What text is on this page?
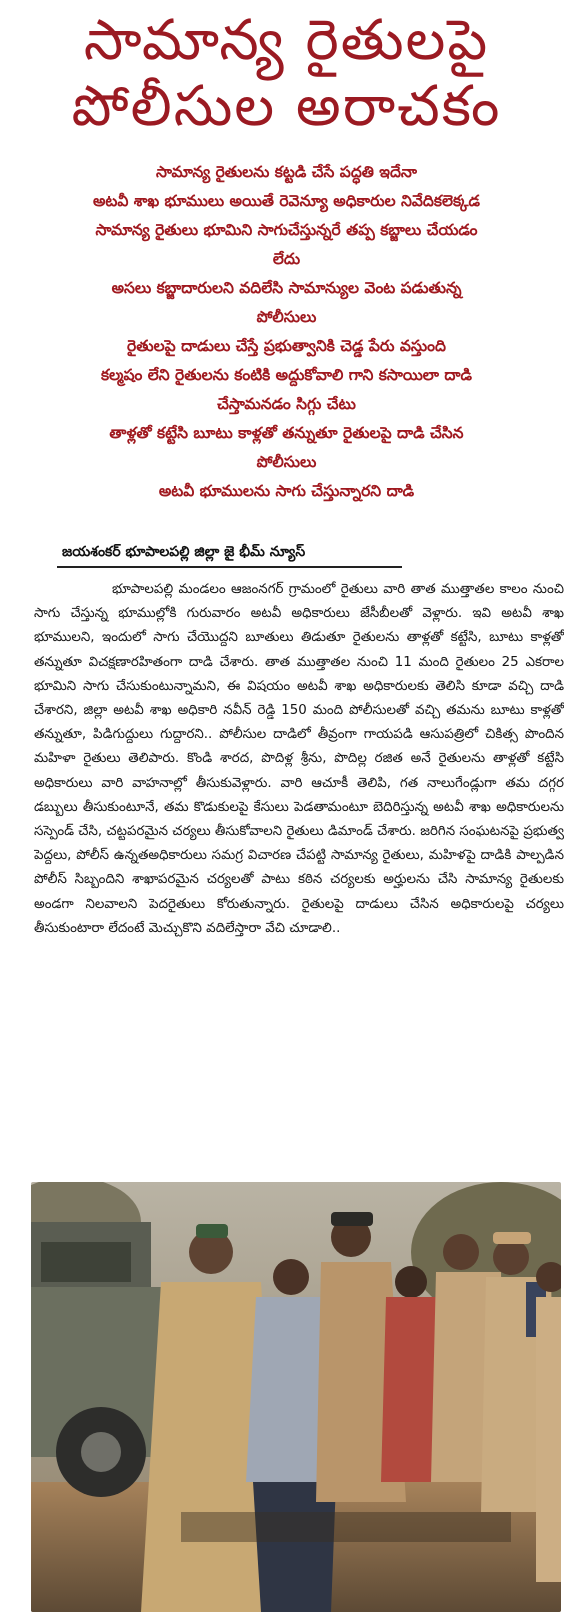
సామాన్య రైతులపై
పోలీసుల అరాచకం
సామాన్య రైతులను కట్టడి చేసే పద్ధతి ఇదేనా
అటవీ శాఖ భూములు అయితే రెవెన్యూ అధికారుల నివేదికలెక్కడ
సామాన్య రైతులు భూమిని సాగుచేస్తున్నరే తప్ప కబ్జాలు చేయడం
లేదు
అసలు కబ్జాదారులని వదిలేసి సామాన్యుల వెంట పడుతున్న
పోలీసులు
రైతులపై దాడులు చేస్తే ప్రభుత్వానికి చెడ్డ పేరు వస్తుంది
కల్మషం లేని రైతులను కంటికి అద్దుకోవాలి గాని కసాయిలా దాడి
చేస్తామనడం సిగ్గు చేటు
తాళ్లతో కట్టేసి బూటు కాళ్లతో తన్నుతూ రైతులపై దాడి చేసిన
పోలీసులు
అటవీ భూములను సాగు చేస్తున్నారని దాడి
జయశంకర్ భూపాలపల్లి జిల్లా జై భీమ్ న్యూస్

భూపాలపల్లి మండలం ఆజంనగర్ గ్రామంలో రైతులు వారి తాత ముత్తాతల కాలం నుంచి సాగు చేస్తున్న భూముల్లోకి గురువారం అటవీ అధికారులు జేసీబీలతో వెళ్లారు. ఇవి అటవీ శాఖ భూములని, ఇందులో సాగు చేయొద్దని బూతులు తిడుతూ రైతులను తాళ్లతో కట్టేసి, బూటు కాళ్లతో తన్నుతూ విచక్షణారహితంగా దాడి చేశారు. తాత ముత్తాతల నుంచి 11 మంది రైతులం 25 ఎకరాల భూమిని సాగు చేసుకుంటున్నామని, ఈ విషయం అటవీ శాఖ అధికారులకు తెలిసి కూడా వచ్చి దాడి చేశారని, జిల్లా అటవీ శాఖ అధికారి నవీన్ రెడ్డి 150 మంది పోలీసులతో వచ్చి తమను బూటు కాళ్లతో తన్నుతూ, పిడిగుద్దులు గుద్దారని.. పోలీసుల దాడిలో తీవ్రంగా గాయపడి ఆసుపత్రిలో చికిత్స పొందిన మహిళా రైతులు తెలిపారు. కొండి శారద, పొదిళ్ల శ్రీను, పొదిల్ల రజిత అనే రైతులను తాళ్లతో కట్టేసి అధికారులు వారి వాహనాల్లో తీసుకువెళ్లారు. వారి ఆచూకీ తెలిపి, గత నాలుగేండ్లుగా తమ దగ్గర డబ్బులు తీసుకుంటూనే, తమ కొడుకులపై కేసులు పెడతామంటూ బెదిరిస్తున్న అటవీ శాఖ అధికారులను సస్పెండ్ చేసి, చట్టపరమైన చర్యలు తీసుకోవాలని రైతులు డిమాండ్ చేశారు. జరిగిన సంఘటనపై ప్రభుత్వ పెద్దలు, పోలీస్ ఉన్నతఅధికారులు సమగ్ర విచారణ చేపట్టి సామాన్య రైతులు, మహిళపై దాడికి పాల్పడిన పోలీస్ సిబ్బందిని శాఖాపరమైన చర్యలతో పాటు కఠిన చర్యలకు అర్హులను చేసి సామాన్య రైతులకు అండగా నిలవాలని పెదరైతులు కోరుతున్నారు. రైతులపై దాడులు చేసిన అధికారులపై చర్యలు తీసుకుంటారా లేదంటే మెచ్చుకొని వదిలేస్తారా వేచి చూడాలి..
